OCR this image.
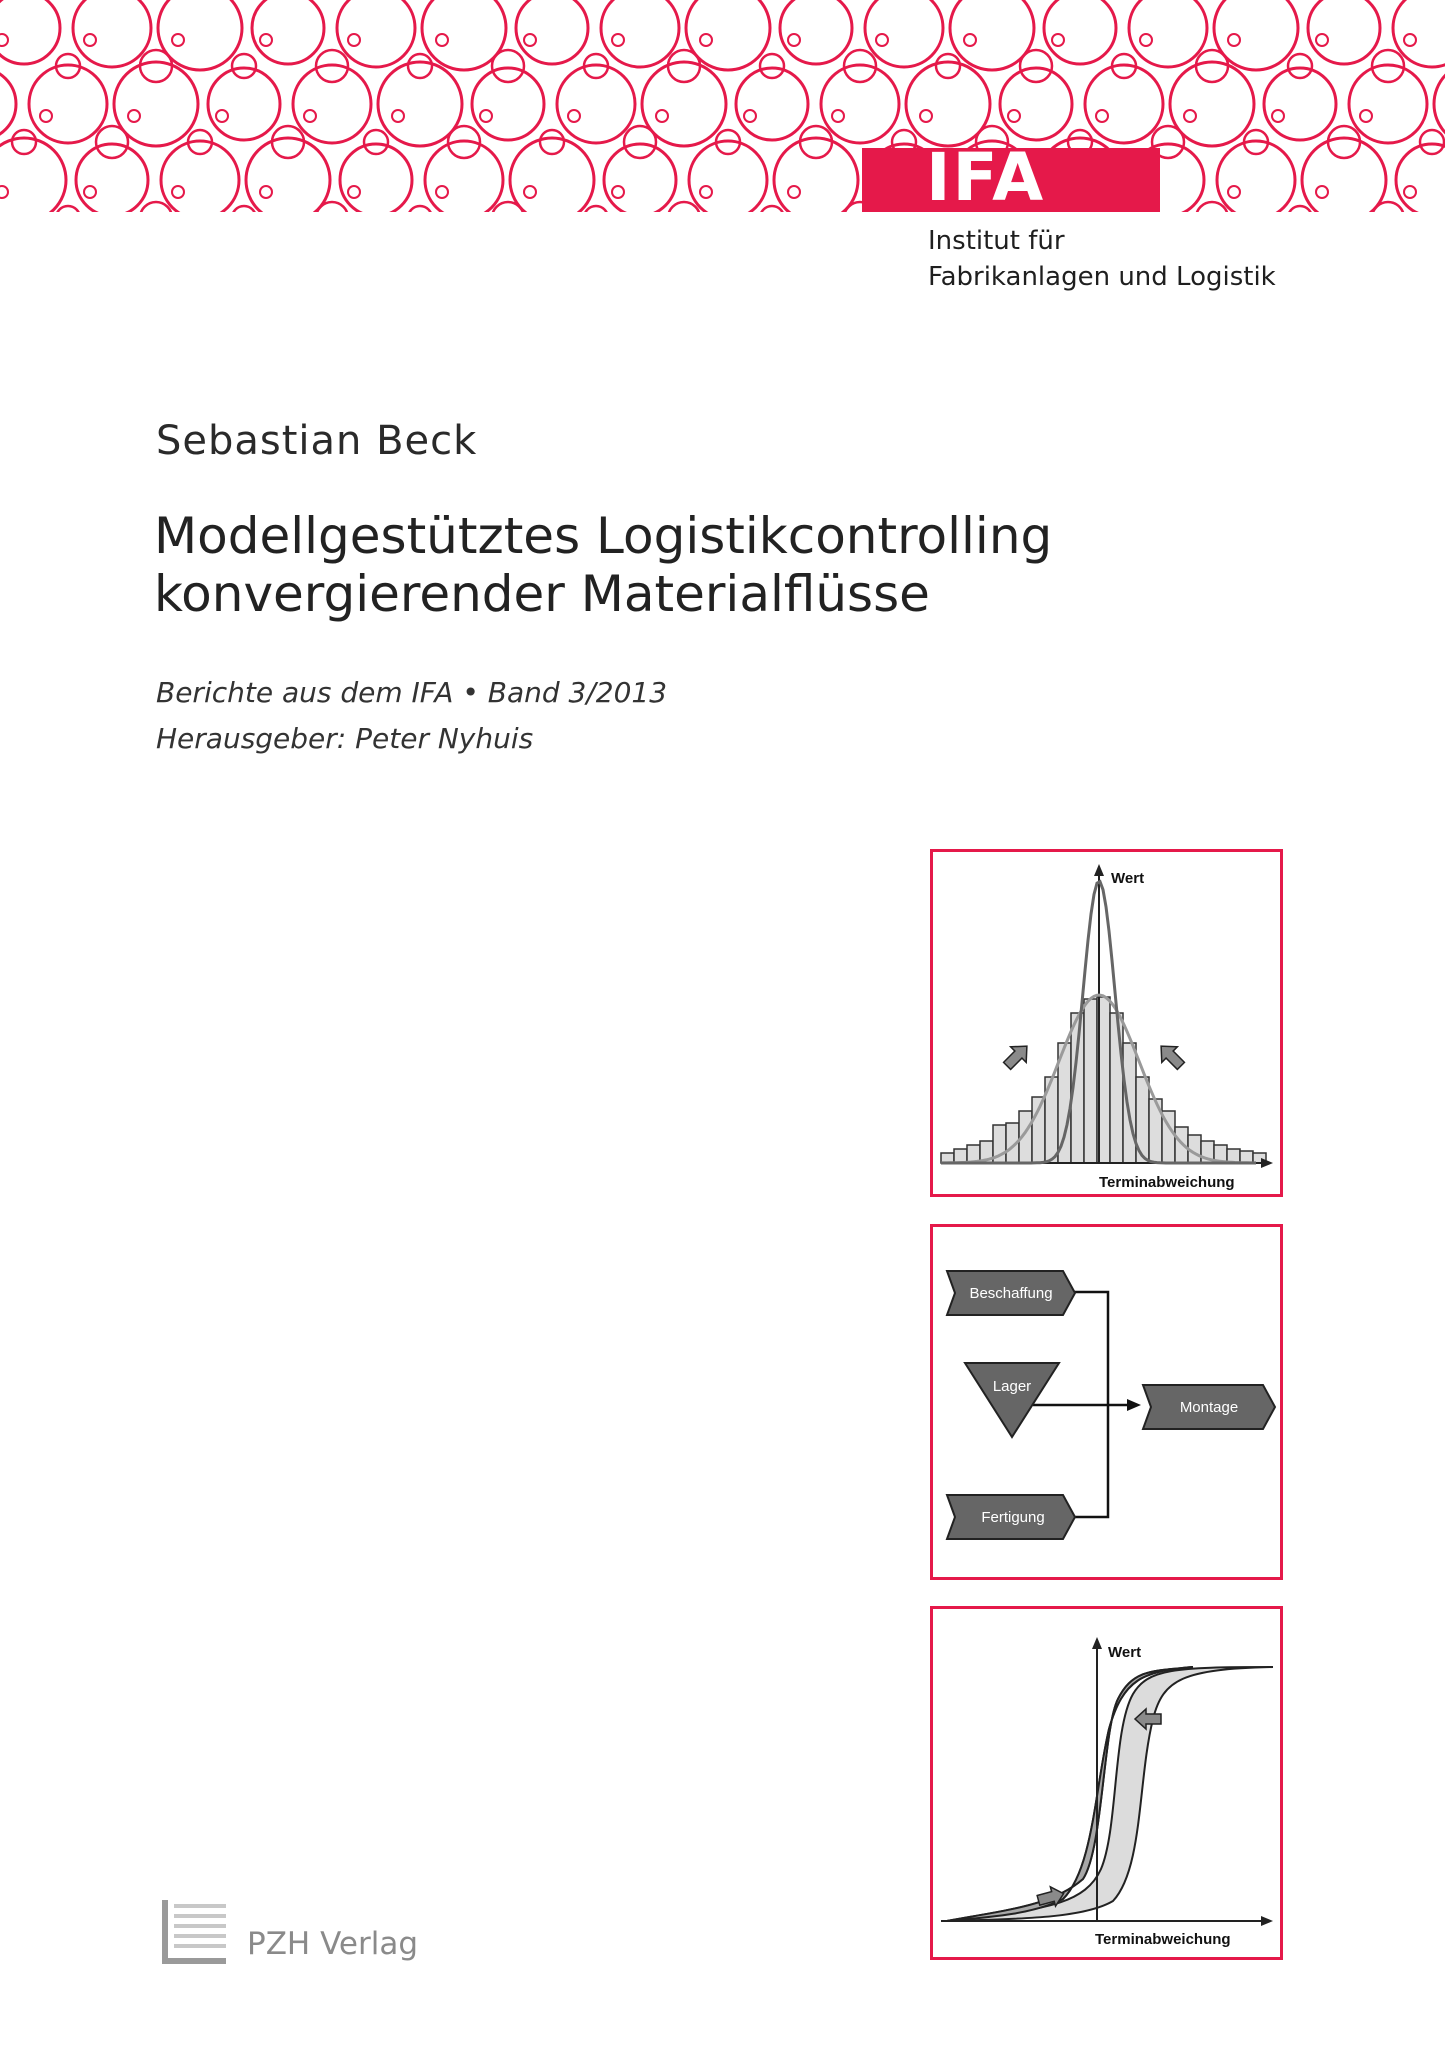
IFA
Institut für
Fabrikanlagen und Logistik
Sebastian Beck
Modellgestütztes Logistikcontrolling
konvergierender Materialflüsse
Berichte aus dem IFA • Band 3/2013
Herausgeber: Peter Nyhuis
Wert
Terminabweichung
Beschaffung
Lager
Montage
Fertigung
Wert
Terminabweichung
PZH Verlag
